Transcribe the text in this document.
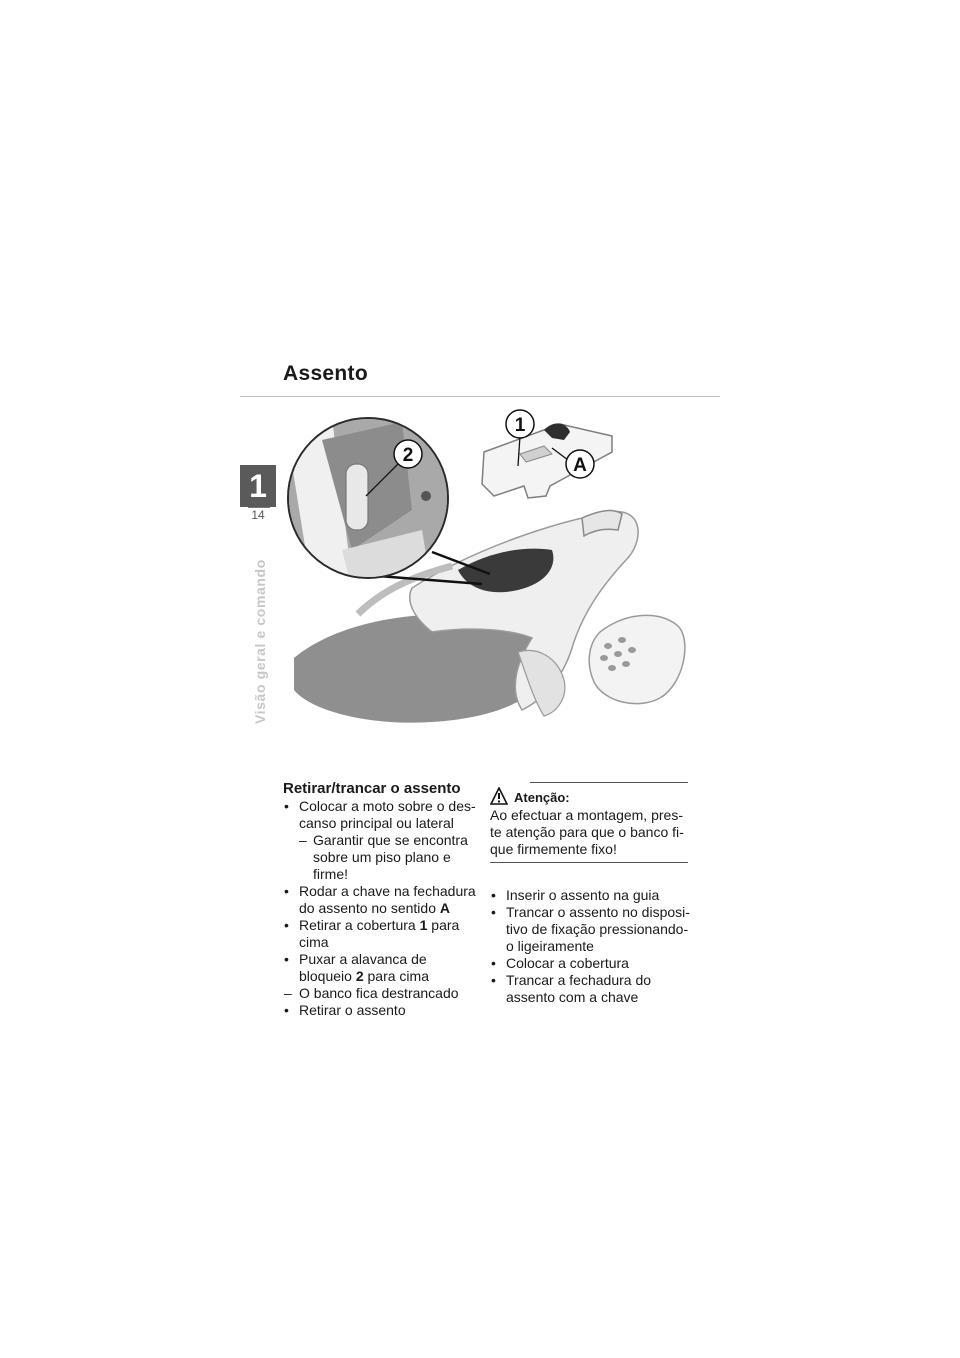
Assento
1
14
Visão geral e comando
1
A
2
Retirar/trancar o assento
• Colocar a moto sobre o des-canso principal ou lateral
– Garantir que se encontra sobre um piso plano e firme!
• Rodar a chave na fechadura do assento no sentido A
• Retirar a cobertura 1 para cima
• Puxar a alavanca de bloqueio 2 para cima
– O banco fica destrancado
• Retirar o assento
Atenção:
Ao efectuar a montagem, pres-te atenção para que o banco fi-que firmemente fixo!
• Inserir o assento na guia
• Trancar o assento no disposi-tivo de fixação pressionando-o ligeiramente
• Colocar a cobertura
• Trancar a fechadura do assento com a chave
